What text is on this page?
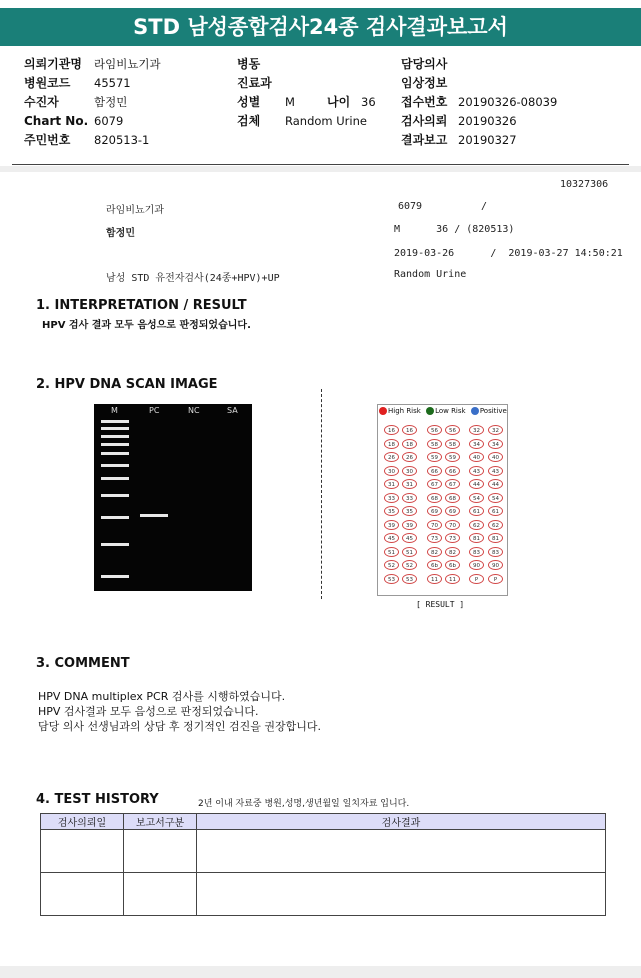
STD 남성종합검사24종 검사결과보고서
의뢰기관명 라임비뇨기과
병원코드 45571
수진자	함정민
Chart No. 6079
주민번호 820513-1
병동
진료과
성별 M	나이 36
검체 Random Urine
담당의사
임상정보
접수번호 20190326-08039
검사의뢰 20190326
결과보고 20190327
10327306
라임비뇨기과	6079	/
함정민	M      36 / (820513)
2019-03-26      /  2019-03-27 14:50:21
남성 STD 유전자검사(24종+HPV)+UP	Random Urine
1. INTERPRETATION / RESULT
HPV 검사 결과 모두 음성으로 판정되었습니다.
2. HPV DNA SCAN IMAGE
M	PC	NC	SA	High Risk Low Risk Positive
16	16	56	56	32	32
18	18	58	58	34	34
26	26	59	59	40	40
30	30	66	66	43	43
31	31	67	67	44	44
33	33	68	68	54	54
35	35	69	69	61	61
39	39	70	70	62	62
45	45	73	73	81	81
51	51	82	82	83	83
52	52	6b	6b	90	90
53	53	11	11	P	P
[ RESULT ]
3. COMMENT
HPV DNA multiplex PCR 검사를 시행하였습니다.
HPV 검사결과 모두 음성으로 판정되었습니다.
담당 의사 선생님과의 상담 후 정기적인 검진을 권장합니다.
4. TEST HISTORY	2년 이내 자료중 병원,성명,생년월일 일치자료 입니다.
검사의뢰일	보고서구분	검사결과
